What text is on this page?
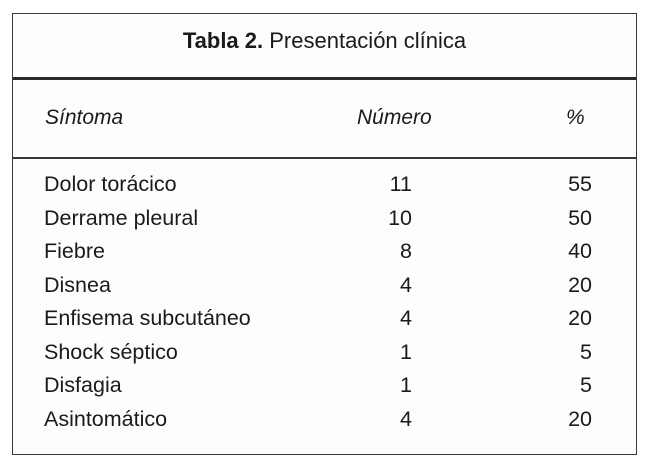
Tabla 2. Presentación clínica
Síntoma	Número	%
Dolor torácico	11	55
Derrame pleural	10	50
Fiebre	8	40
Disnea	4	20
Enfisema subcutáneo	4	20
Shock séptico	1	5
Disfagia	1	5
Asintomático	4	20
